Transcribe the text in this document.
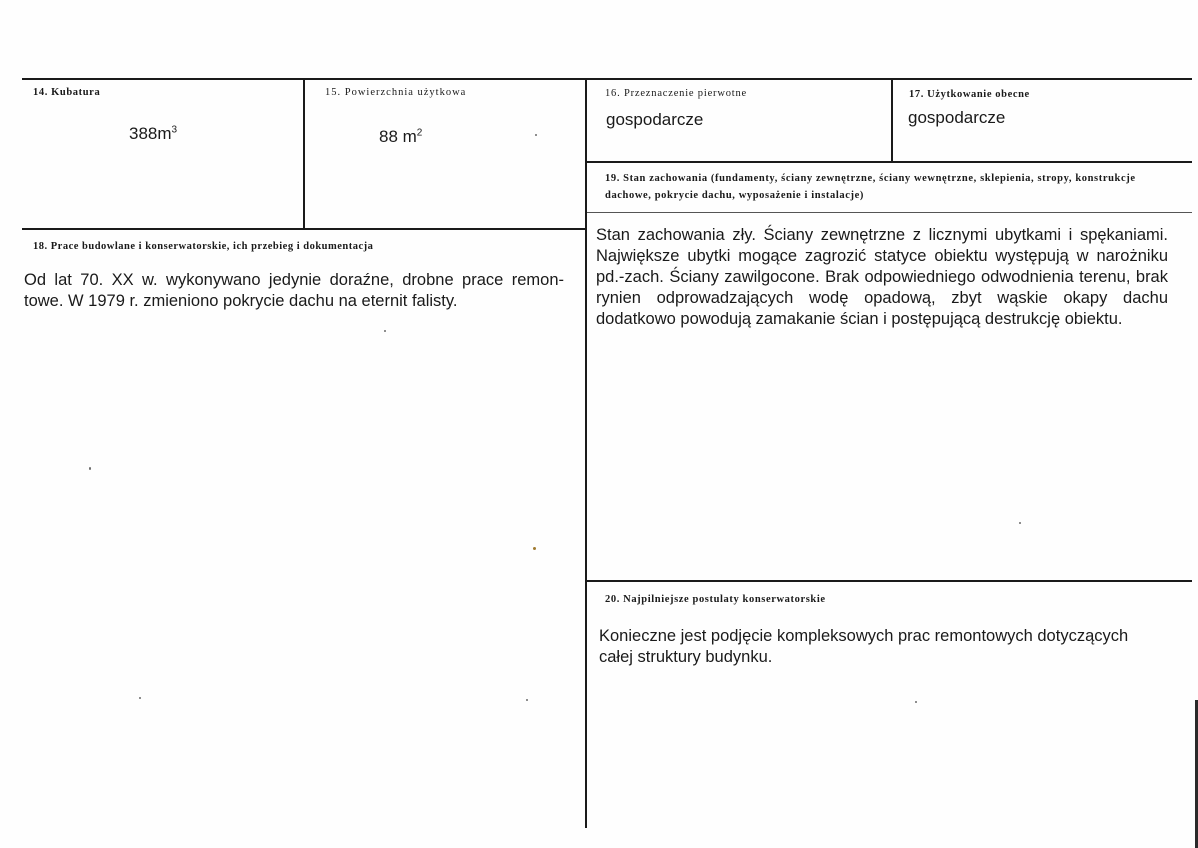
14. Kubatura
$388m^3$
15. Powierzchnia użytkowa
88 $m^2$
16. Przeznaczenie pierwotne
gospodarcze
17. Użytkowanie obecne
gospodarcze
19. Stan zachowania (fundamenty, ściany zewnętrzne, ściany wewnętrzne, sklepienia, stropy, konstrukcje dachowe, pokrycie dachu, wyposażenie i instalacje)
Stan zachowania zły. Ściany zewnętrzne z licznymi ubytkami i spękaniami. Największe ubytki mogące zagrozić statyce obiektu występują w narożniku pd.-zach. Ściany zawilgocone. Brak odpowiedniego odwodnienia terenu, brak rynien odprowadzających wodę opadową, zbyt wąskie okapy dachu dodatkowo powodują zamakanie ścian i postępującą destrukcję obiektu.
18. Prace budowlane i konserwatorskie, ich przebieg i dokumentacja
Od lat 70. XX w. wykonywano jedynie doraźne, drobne prace remon-towe. W 1979 r. zmieniono pokrycie dachu na eternit falisty.
20. Najpilniejsze postulaty konserwatorskie
Konieczne jest podjęcie kompleksowych prac remontowych dotyczących całej struktury budynku.
